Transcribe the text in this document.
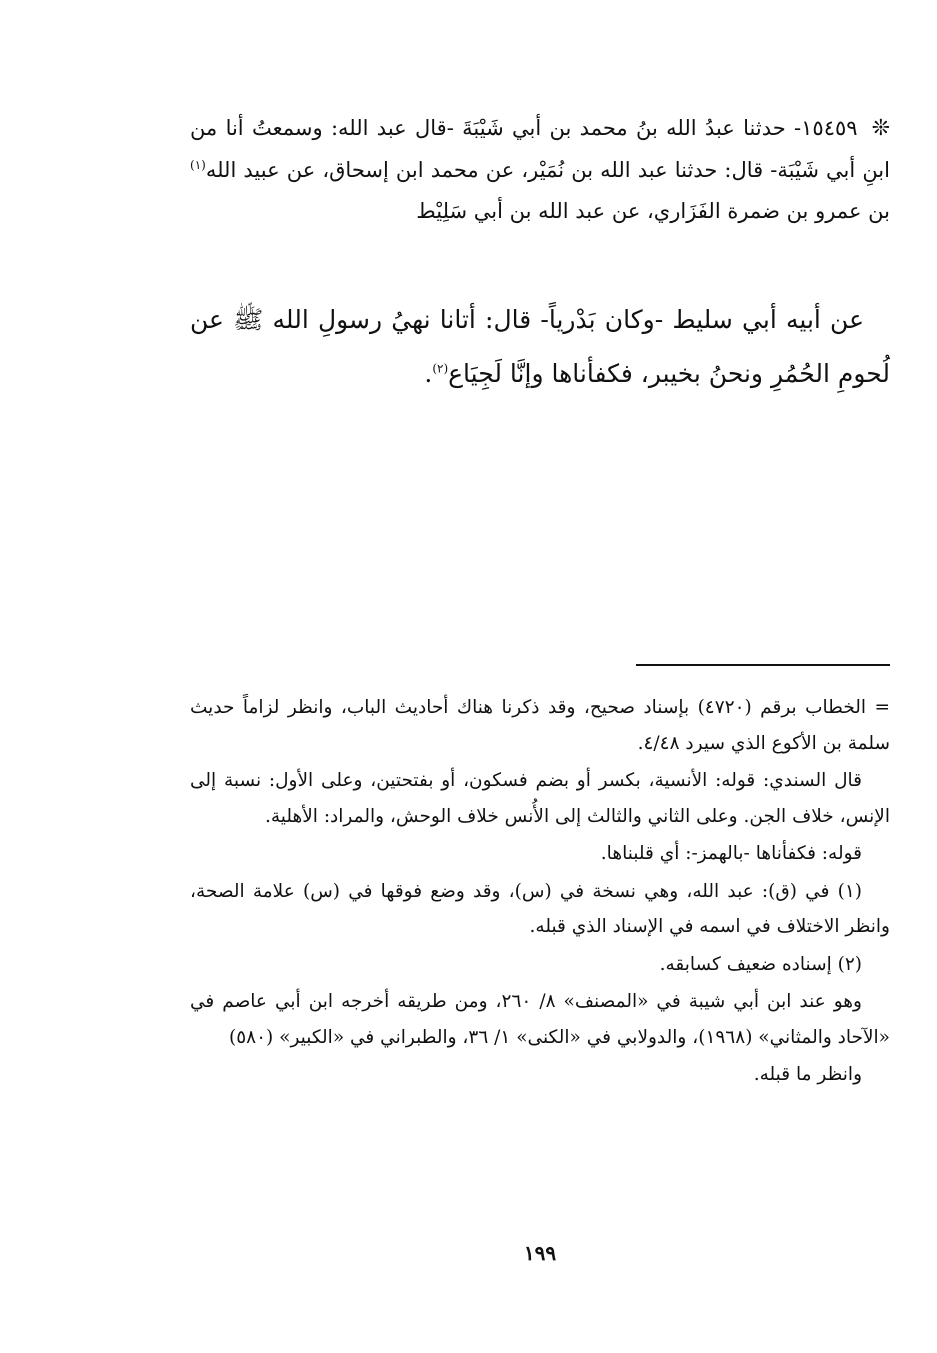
❊١٥٤٥٩- حدثنا عبدُ الله بنُ محمد بن أبي شَيْبَةَ -قال عبد الله: وسمعتُ أنا من ابنِ أبي شَيْبَة- قال: حدثنا عبد الله بن نُمَيْر، عن محمد ابن إسحاق، عن عبيد الله$^{(١)}$ بن عمرو بن ضمرة الفَزَاري، عن عبد الله بن أبي سَلِيْط

عن أبيه أبي سليط -وكان بَدْرياً- قال: أتانا نهيُ رسولِ الله ﷺ عن لُحومِ الحُمُرِ ونحنُ بخيبر، فكفأناها وإنَّا لَجِيَاع$^{(٢)}$.

= الخطاب برقم (٤٧٢٠) بإسناد صحيح، وقد ذكرنا هناك أحاديث الباب، وانظر لزاماً حديث سلمة بن الأكوع الذي سيرد ٤/٤٨.

قال السندي: قوله: الأنسية، بكسر أو بضم فسكون، أو بفتحتين، وعلى الأول: نسبة إلى الإنس، خلاف الجن. وعلى الثاني والثالث إلى الأُنس خلاف الوحش، والمراد: الأهلية.

قوله: فكفأناها -بالهمز-: أي قلبناها.

(١) في (ق): عبد الله، وهي نسخة في (س)، وقد وضع فوقها في (س) علامة الصحة، وانظر الاختلاف في اسمه في الإسناد الذي قبله.

(٢) إسناده ضعيف كسابقه.

وهو عند ابن أبي شيبة في «المصنف» ٨/ ٢٦٠، ومن طريقه أخرجه ابن أبي عاصم في «الآحاد والمثاني» (١٩٦٨)، والدولابي في «الكنى» ١/ ٣٦، والطبراني في «الكبير» (٥٨٠)

وانظر ما قبله.

١٩٩
